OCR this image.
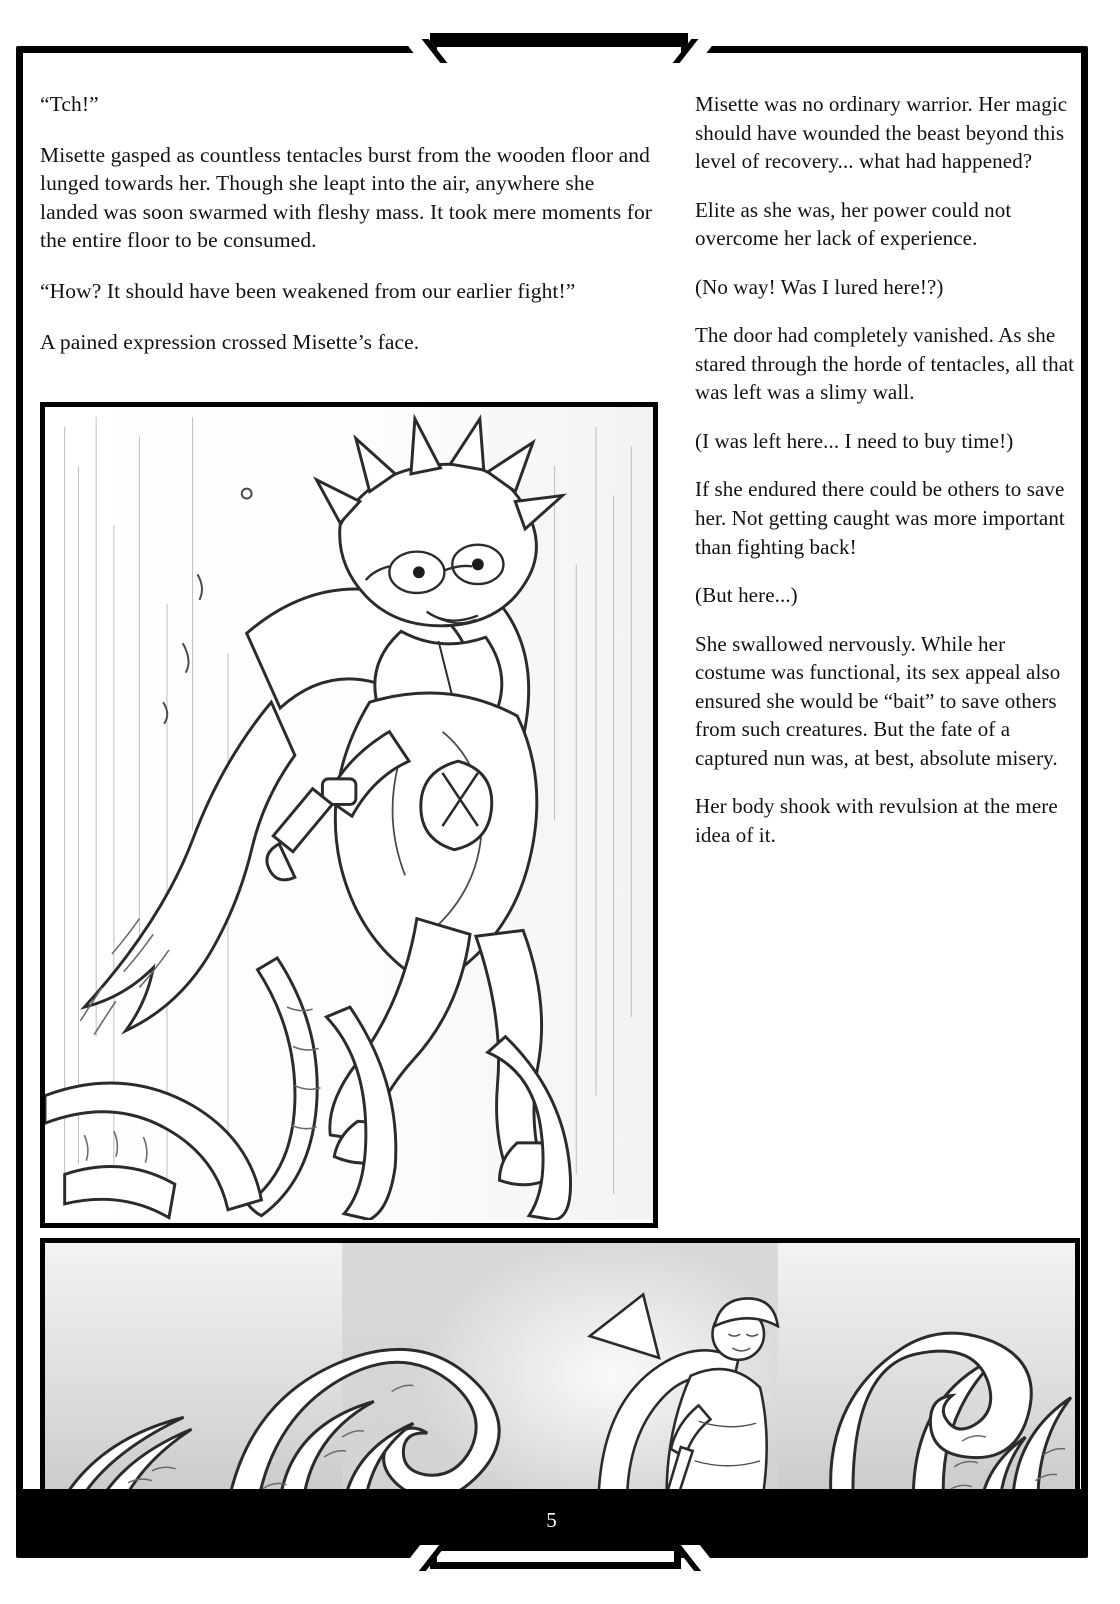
“Tch!”

Misette gasped as countless tentacles burst from the wooden floor and lunged towards her. Though she leapt into the air, anywhere she landed was soon swarmed with fleshy mass. It took mere moments for the entire floor to be consumed.

“How? It should have been weakened from our earlier fight!”

A pained expression crossed Misette’s face.

Misette was no ordinary warrior. Her magic should have wounded the beast beyond this level of recovery... what had happened?

Elite as she was, her power could not overcome her lack of experience.

(No way! Was I lured here!?)

The door had completely vanished. As she stared through the horde of tentacles, all that was left was a slimy wall.

(I was left here... I need to buy time!)

If she endured there could be others to save her. Not getting caught was more important than fighting back!

(But here...)

She swallowed nervously. While her costume was functional, its sex appeal also ensured she would be “bait” to save others from such creatures. But the fate of a captured nun was, at best, absolute misery.

Her body shook with revulsion at the mere idea of it.

5
